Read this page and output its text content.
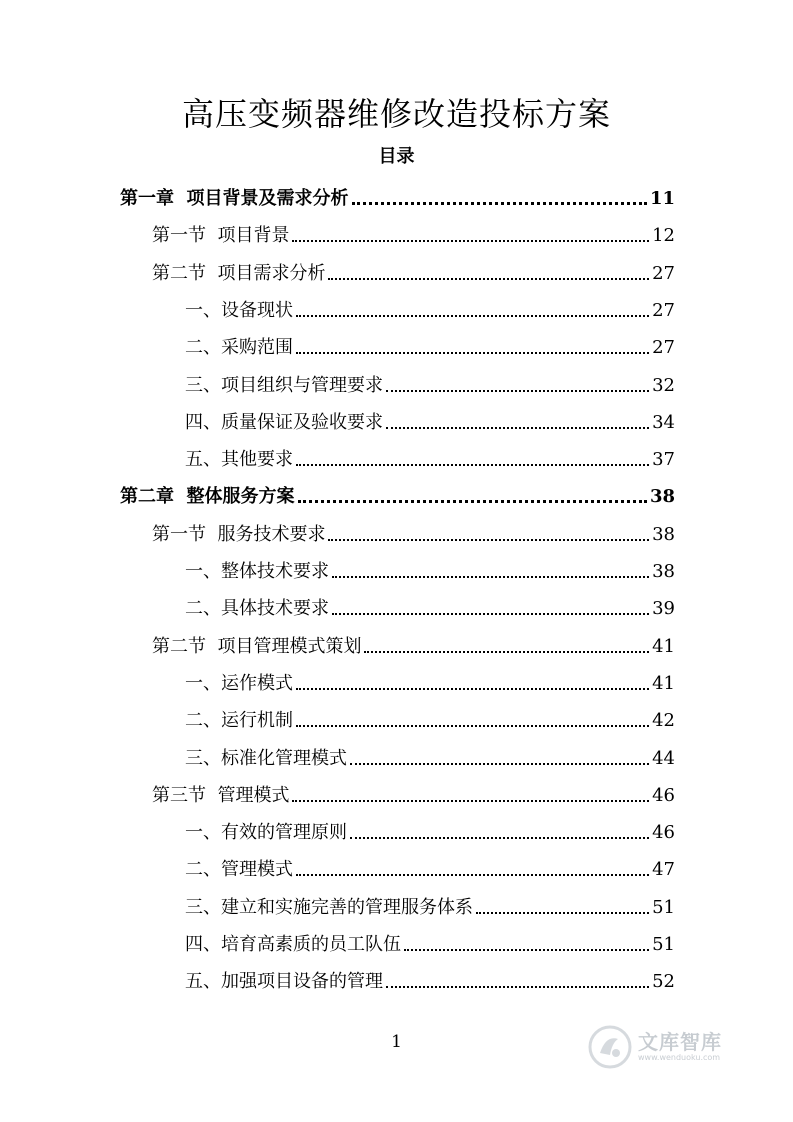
高压变频器维修改造投标方案
目录
第一章  项目背景及需求分析	11
第一节  项目背景	12
第二节  项目需求分析	27
一、设备现状	27
二、采购范围	27
三、项目组织与管理要求	32
四、质量保证及验收要求	34
五、其他要求	37
第二章  整体服务方案	38
第一节  服务技术要求	38
一、整体技术要求	38
二、具体技术要求	39
第二节  项目管理模式策划	41
一、运作模式	41
二、运行机制	42
三、标准化管理模式	44
第三节  管理模式	46
一、有效的管理原则	46
二、管理模式	47
三、建立和实施完善的管理服务体系	51
四、培育高素质的员工队伍	51
五、加强项目设备的管理	52
1	文库智库
www.wenduoku.com
